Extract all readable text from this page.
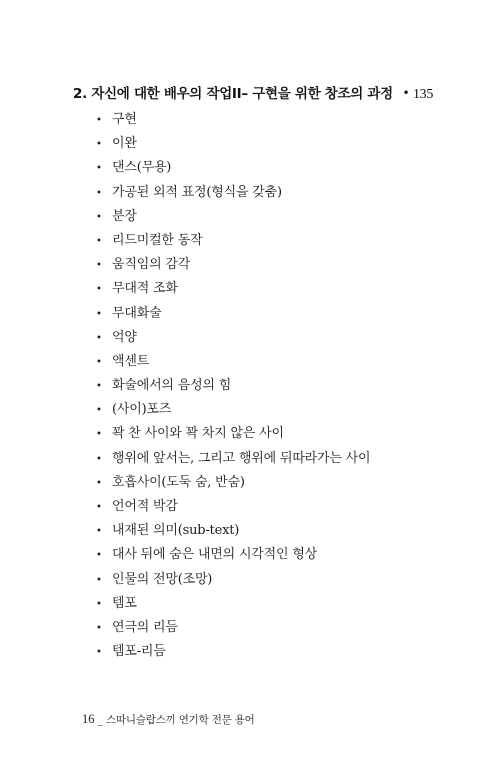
2. 자신에 대한 배우의 작업II– 구현을 위한 창조의 과정 • 135
• 구현
• 이완
• 댄스(무용)
• 가공된 외적 표정(형식을 갖춤)
• 분장
• 리드미컬한 동작
• 움직임의 감각
• 무대적 조화
• 무대화술
• 억양
• 액센트
• 화술에서의 음성의 힘
• (사이)포즈
• 꽉 찬 사이와 꽉 차지 않은 사이
• 행위에 앞서는, 그리고 행위에 뒤따라가는 사이
• 호흡사이(도둑 숨, 반숨)
• 언어적 박감
• 내재된 의미(sub-text)
• 대사 뒤에 숨은 내면의 시각적인 형상
• 인물의 전망(조망)
• 템포
• 연극의 리듬
• 템포-리듬
16 _ 스따니슬랍스끼 연기학 전문 용어
